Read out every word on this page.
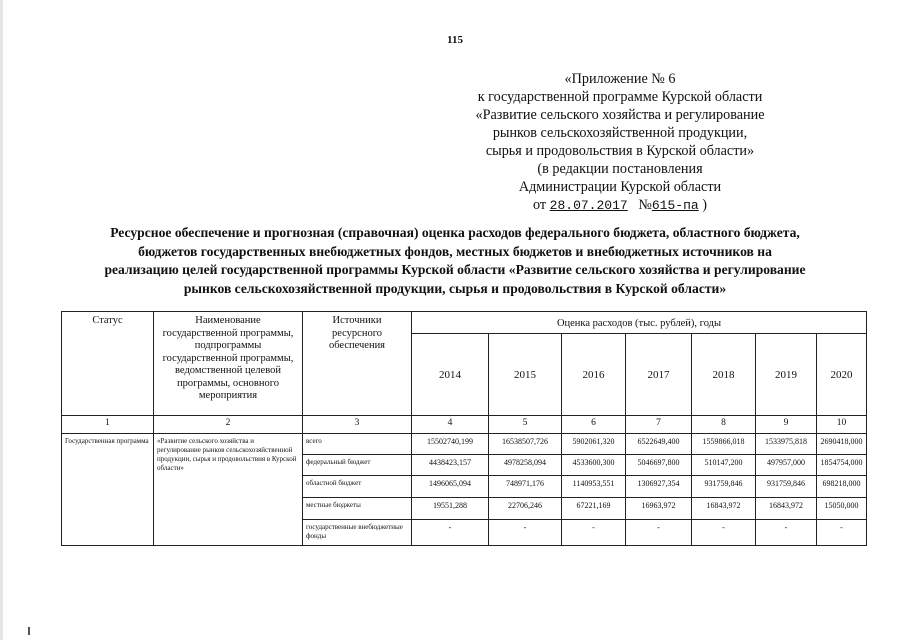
115
«Приложение № 6
к государственной программе Курской области
«Развитие сельского хозяйства и регулирование
рынков сельскохозяйственной продукции,
сырья и продовольствия в Курской области»
(в редакции постановления
Администрации Курской области
от 28.07.2017 №615-па )
Ресурсное обеспечение и прогнозная (справочная) оценка расходов федерального бюджета, областного бюджета,
бюджетов государственных внебюджетных фондов, местных бюджетов и внебюджетных источников на
реализацию целей государственной программы Курской области «Развитие сельского хозяйства и регулирование
рынков сельскохозяйственной продукции, сырья и продовольствия в Курской области»
Статус	Наименование государственной программы, подпрограммы государственной программы, ведомственной целевой программы, основного мероприятия	Источники ресурсного обеспечения	Оценка расходов (тыс. рублей), годы						
			2014	2015	2016	2017	2018	2019	2020
1	2	3	4	5	6	7	8	9	10
Государственная программа	«Развитие сельского хозяйства и регулирование рынков сельскохозяйственной продукции, сырья и продовольствия в Курской области»	всего	15502740,199	16538507,726	5902061,320	6522649,400	1559866,018	1533975,818	2690418,000
		федеральный бюджет	4438423,157	4978258,094	4533600,300	5046697,800	510147,200	497957,000	1854754,000
		областной бюджет	1496065,094	748971,176	1140953,551	1306927,354	931759,846	931759,846	698218,000
		местные бюджеты	19551,288	22706,246	67221,169	16963,972	16843,972	16843,972	15050,000
		государственные внебюджетные фонды	-	-	-	-	-	-	-
